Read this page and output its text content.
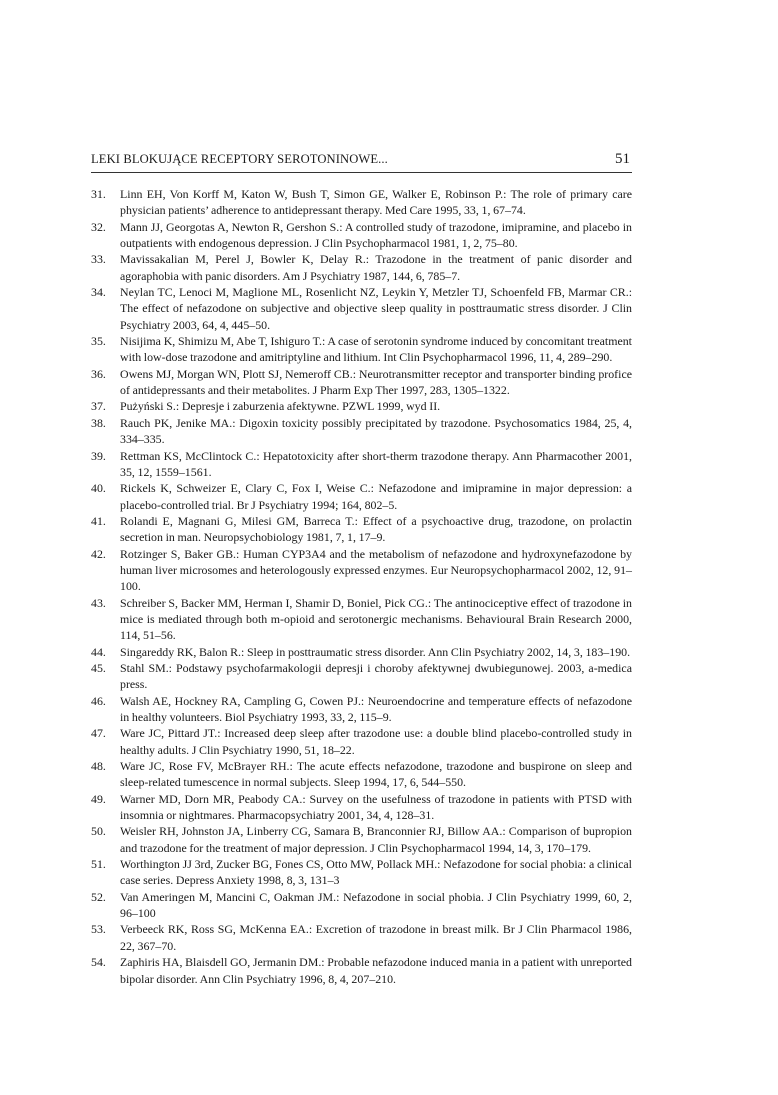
LEKI BLOKUJĄCE RECEPTORY SEROTONINOWE...	51
31. Linn EH, Von Korff M, Katon W, Bush T, Simon GE, Walker E, Robinson P.: The role of primary care physician patients’ adherence to antidepressant therapy. Med Care 1995, 33, 1, 67–74.
32. Mann JJ, Georgotas A, Newton R, Gershon S.: A controlled study of trazodone, imipramine, and placebo in outpatients with endogenous depression. J Clin Psychopharmacol 1981, 1, 2, 75–80.
33. Mavissakalian M, Perel J, Bowler K, Delay R.: Trazodone in the treatment of panic disorder and agoraphobia with panic disorders. Am J Psychiatry 1987, 144, 6, 785–7.
34. Neylan TC, Lenoci M, Maglione ML, Rosenlicht NZ, Leykin Y, Metzler TJ, Schoenfeld FB, Marmar CR.: The effect of nefazodone on subjective and objective sleep quality in posttraumatic stress disorder. J Clin Psychiatry 2003, 64, 4, 445–50.
35. Nisijima K, Shimizu M, Abe T, Ishiguro T.: A case of serotonin syndrome induced by concomitant treatment with low-dose trazodone and amitriptyline and lithium. Int Clin Psychopharmacol 1996, 11, 4, 289–290.
36. Owens MJ, Morgan WN, Plott SJ, Nemeroff CB.: Neurotransmitter receptor and transporter binding profice of antidepressants and their metabolites. J Pharm Exp Ther 1997, 283, 1305–1322.
37. Pużyński S.: Depresje i zaburzenia afektywne. PZWL 1999, wyd II.
38. Rauch PK, Jenike MA.: Digoxin toxicity possibly precipitated by trazodone. Psychosomatics 1984, 25, 4, 334–335.
39. Rettman KS, McClintock C.: Hepatotoxicity after short-therm trazodone therapy. Ann Pharmacother 2001, 35, 12, 1559–1561.
40. Rickels K, Schweizer E, Clary C, Fox I, Weise C.: Nefazodone and imipramine in major depression: a placebo-controlled trial. Br J Psychiatry 1994; 164, 802–5.
41. Rolandi E, Magnani G, Milesi GM, Barreca T.: Effect of a psychoactive drug, trazodone, on prolactin secretion in man. Neuropsychobiology 1981, 7, 1, 17–9.
42. Rotzinger S, Baker GB.: Human CYP3A4 and the metabolism of nefazodone and hydroxynefazodone by human liver microsomes and heterologously expressed enzymes. Eur Neuropsychopharmacol 2002, 12, 91–100.
43. Schreiber S, Backer MM, Herman I, Shamir D, Boniel, Pick CG.: The antinociceptive effect of trazodone in mice is mediated through both m-opioid and serotonergic mechanisms. Behavioural Brain Research 2000, 114, 51–56.
44. Singareddy RK, Balon R.: Sleep in posttraumatic stress disorder. Ann Clin Psychiatry 2002, 14, 3, 183–190.
45. Stahl SM.: Podstawy psychofarmakologii depresji i choroby afektywnej dwubiegunowej. 2003, a-medica press.
46. Walsh AE, Hockney RA, Campling G, Cowen PJ.: Neuroendocrine and temperature effects of nefazodone in healthy volunteers. Biol Psychiatry 1993, 33, 2, 115–9.
47. Ware JC, Pittard JT.: Increased deep sleep after trazodone use: a double blind placebo-controlled study in healthy adults. J Clin Psychiatry 1990, 51, 18–22.
48. Ware JC, Rose FV, McBrayer RH.: The acute effects nefazodone, trazodone and buspirone on sleep and sleep-related tumescence in normal subjects. Sleep 1994, 17, 6, 544–550.
49. Warner MD, Dorn MR, Peabody CA.: Survey on the usefulness of trazodone in patients with PTSD with insomnia or nightmares. Pharmacopsychiatry 2001, 34, 4, 128–31.
50. Weisler RH, Johnston JA, Linberry CG, Samara B, Branconnier RJ, Billow AA.: Comparison of bupropion and trazodone for the treatment of major depression. J Clin Psychopharmacol 1994, 14, 3, 170–179.
51. Worthington JJ 3rd, Zucker BG, Fones CS, Otto MW, Pollack MH.: Nefazodone for social phobia: a clinical case series. Depress Anxiety 1998, 8, 3, 131–3
52. Van Ameringen M, Mancini C, Oakman JM.: Nefazodone in social phobia. J Clin Psychiatry 1999, 60, 2, 96–100
53. Verbeeck RK, Ross SG, McKenna EA.: Excretion of trazodone in breast milk. Br J Clin Pharmacol 1986, 22, 367–70.
54. Zaphiris HA, Blaisdell GO, Jermanin DM.: Probable nefazodone induced mania in a patient with unreported bipolar disorder. Ann Clin Psychiatry 1996, 8, 4, 207–210.
